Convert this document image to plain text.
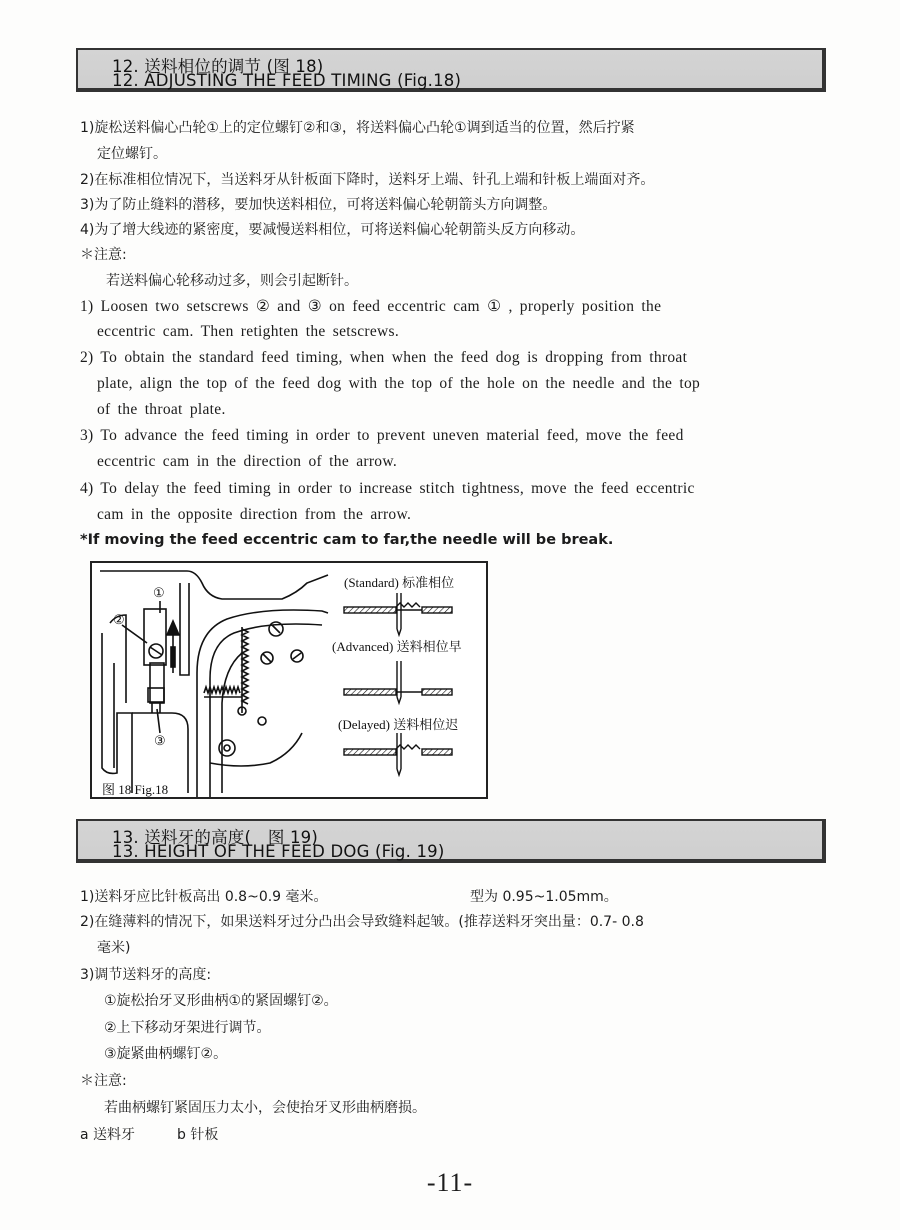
12. 送料相位的调节 (图 18)
12. ADJUSTING THE FEED TIMING (Fig.18)
1)旋松送料偏心凸轮①上的定位螺钉②和③，将送料偏心凸轮①调到适当的位置，然后拧紧
定位螺钉。
2)在标准相位情况下，当送料牙从针板面下降时，送料牙上端、针孔上端和针板上端面对齐。
3)为了防止缝料的潜移，要加快送料相位，可将送料偏心轮朝箭头方向调整。
4)为了增大线迹的紧密度，要减慢送料相位，可将送料偏心轮朝箭头反方向移动。
＊注意:
若送料偏心轮移动过多，则会引起断针。
1) Loosen two setscrews ② and ③ on feed eccentric cam ① , properly position the
eccentric cam. Then retighten the setscrews.
2) To obtain the standard feed timing, when when the feed dog is dropping from throat
plate, align the top of the feed dog with the top of the hole on the needle and the top
of the throat plate.
3) To advance the feed timing in order to prevent uneven material feed, move the feed
eccentric cam in the direction of the arrow.
4) To delay the feed timing in order to increase stitch tightness, move the feed eccentric
cam in the opposite direction from the arrow.
*If moving the feed eccentric cam to far,the needle will be break.
①
②
③
(Standard) 标准相位
(Advanced) 送料相位早
(Delayed) 送料相位迟
图 18 Fig.18
13. 送料牙的高度(　图 19)
13. HEIGHT OF THE FEED DOG (Fig. 19)
1)送料牙应比针板高出 0.8~0.9 毫米。	型为 0.95~1.05mm。
2)在缝薄料的情况下，如果送料牙过分凸出会导致缝料起皱。(推荐送料牙突出量：0.7- 0.8
毫米)
3)调节送料牙的高度:
①旋松抬牙叉形曲柄①的紧固螺钉②。
②上下移动牙架进行调节。
③旋紧曲柄螺钉②。
＊注意:
若曲柄螺钉紧固压力太小，会使抬牙叉形曲柄磨损。
a 送料牙　　　b 针板
-11-
